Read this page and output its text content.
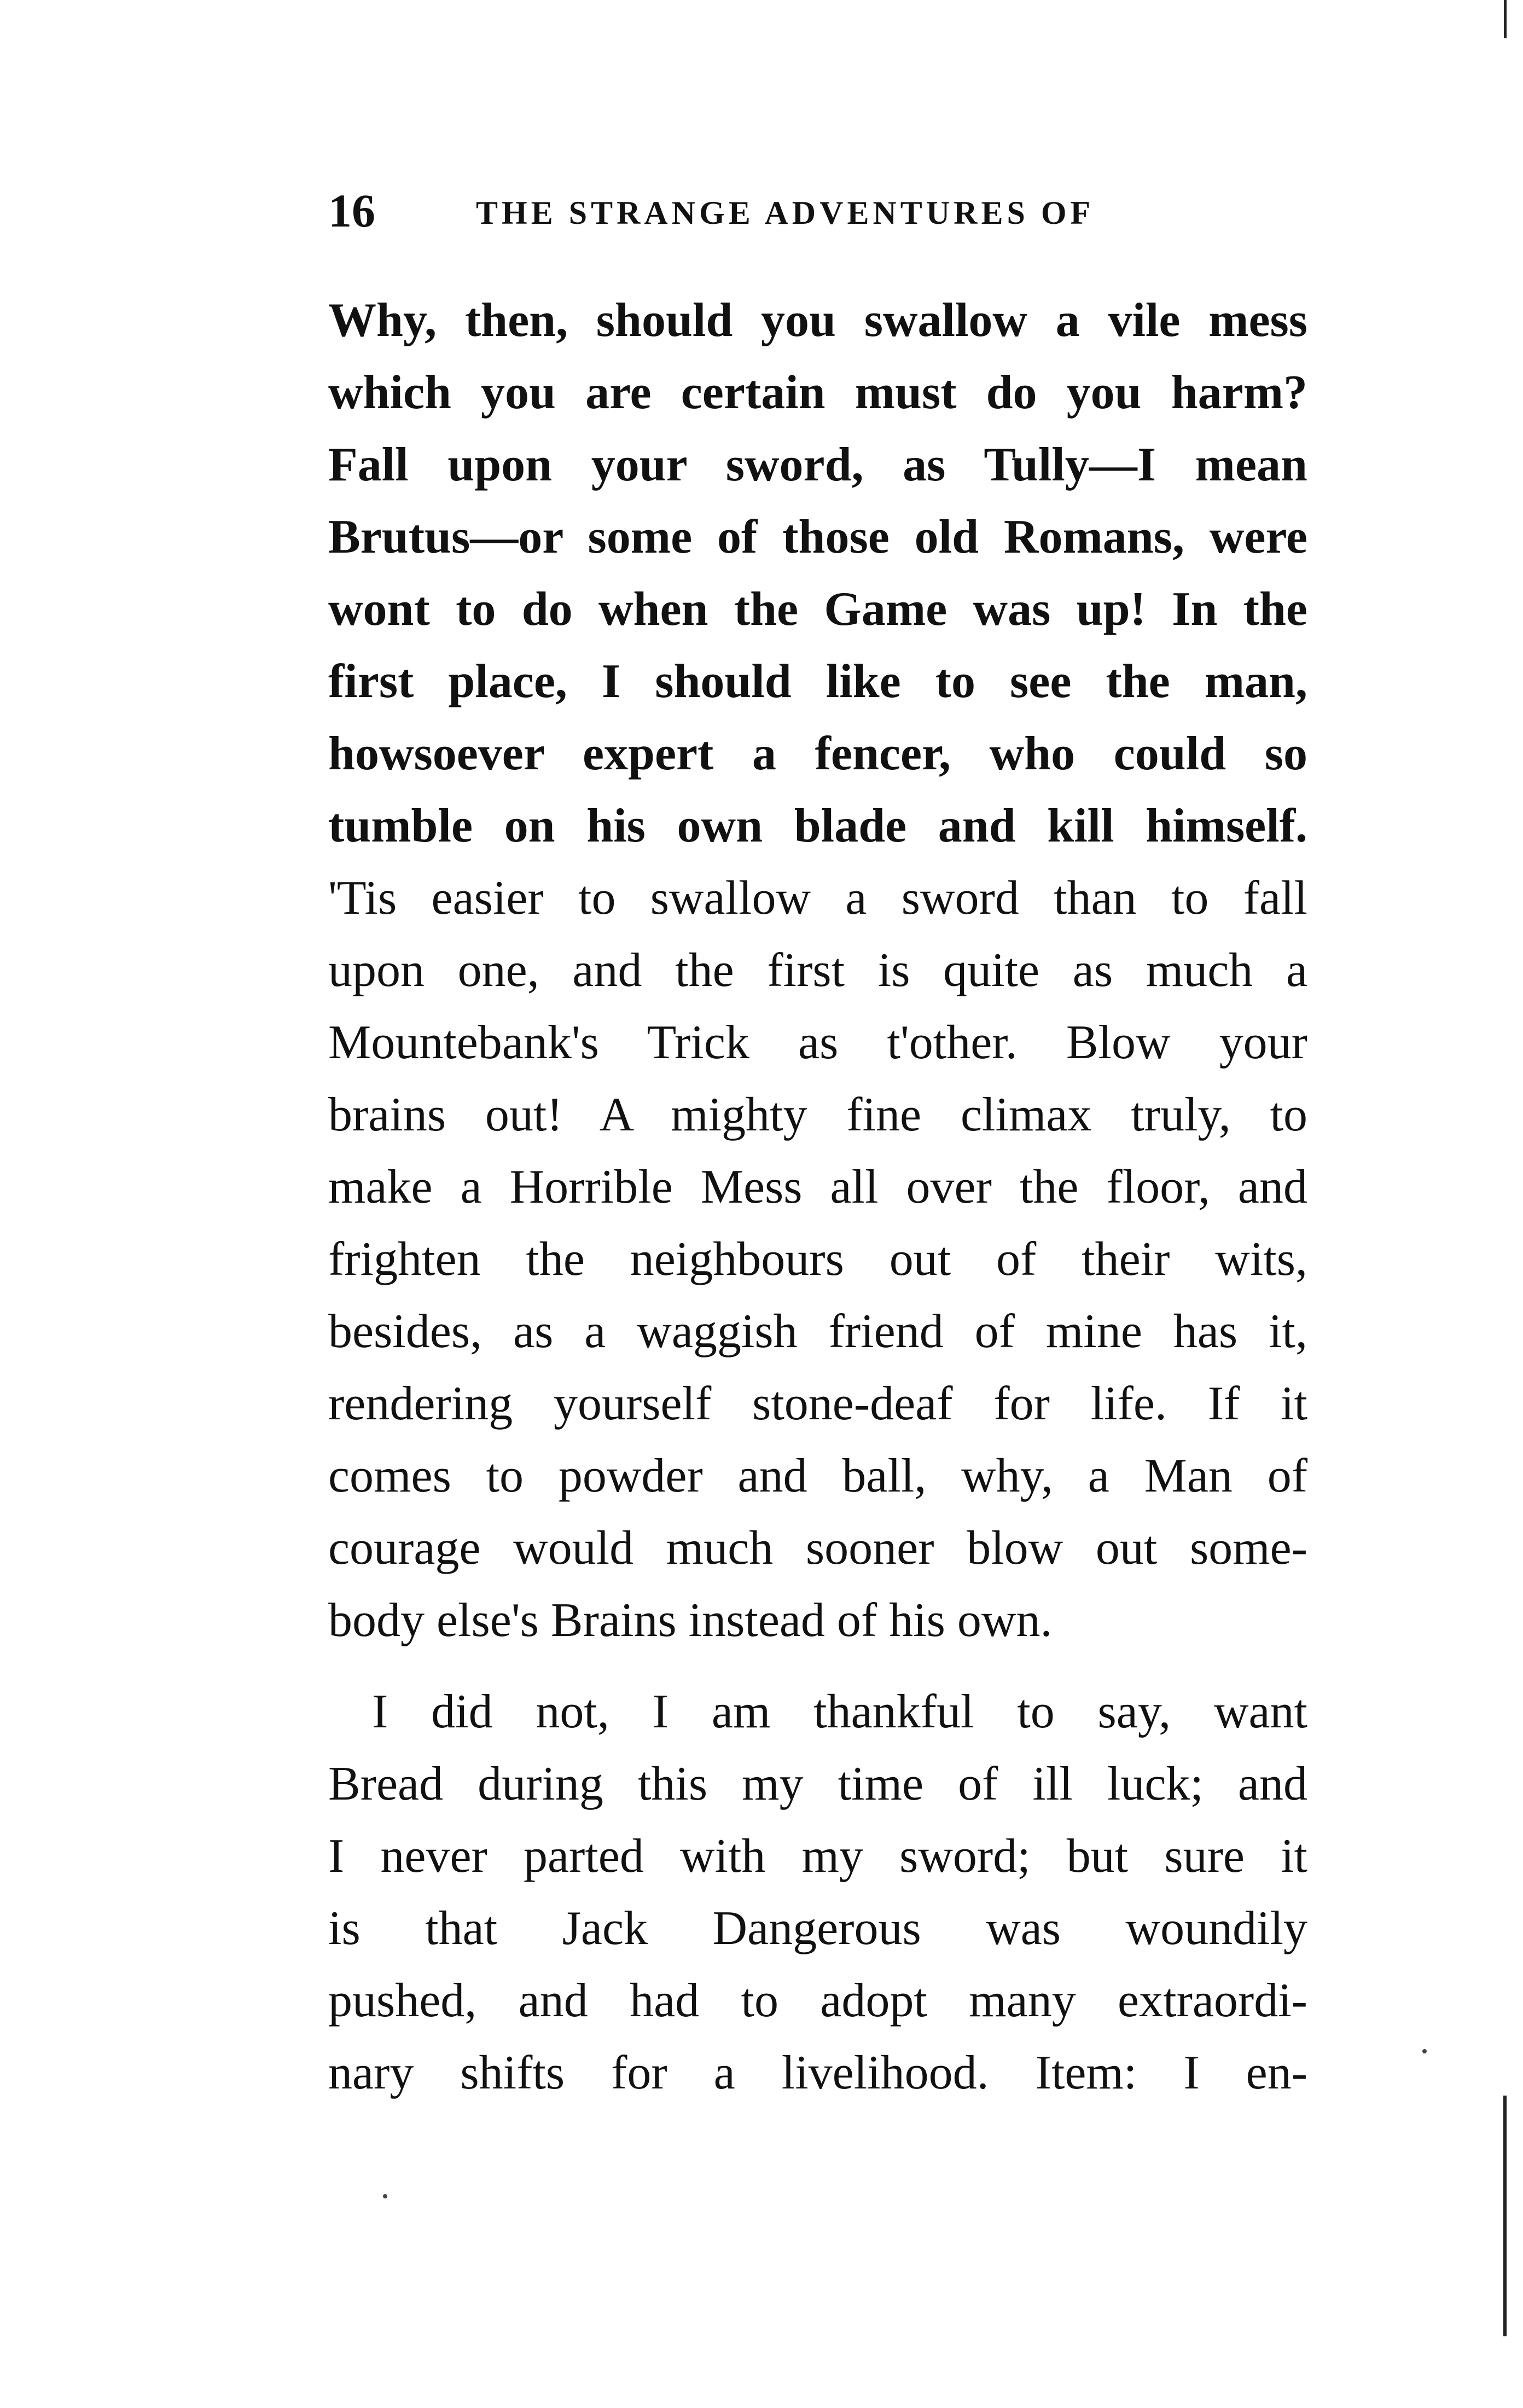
16	THE STRANGE ADVENTURES OF
Why, then, should you swallow a vile mess
which you are certain must do you harm?
Fall upon your sword, as Tully—I mean
Brutus—or some of those old Romans, were
wont to do when the Game was up! In the
first place, I should like to see the man,
howsoever expert a fencer, who could so
tumble on his own blade and kill himself.
'Tis easier to swallow a sword than to fall
upon one, and the first is quite as much a
Mountebank's Trick as t'other. Blow your
brains out! A mighty fine climax truly, to
make a Horrible Mess all over the floor, and
frighten the neighbours out of their wits,
besides, as a waggish friend of mine has it,
rendering yourself stone-deaf for life. If it
comes to powder and ball, why, a Man of
courage would much sooner blow out some-
body else's Brains instead of his own.
I did not, I am thankful to say, want
Bread during this my time of ill luck; and
I never parted with my sword; but sure it
is that Jack Dangerous was woundily
pushed, and had to adopt many extraordi-
nary shifts for a livelihood. Item: I en-
